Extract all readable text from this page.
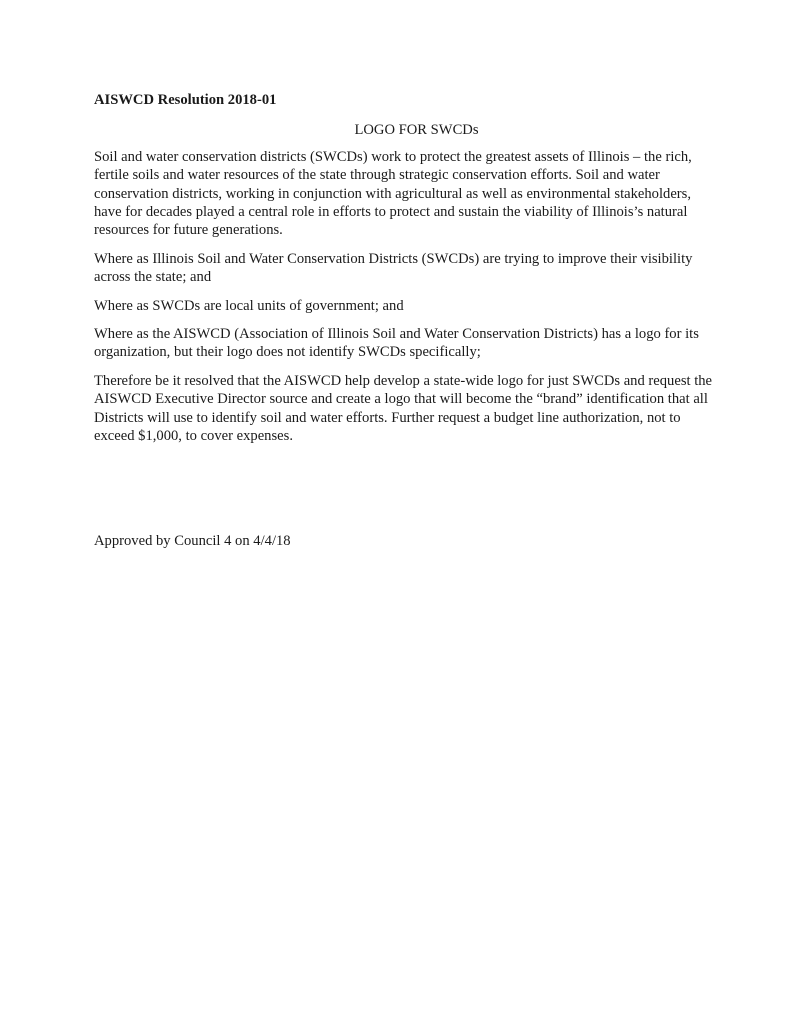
AISWCD Resolution 2018-01

LOGO FOR SWCDs

Soil and water conservation districts (SWCDs) work to protect the greatest assets of Illinois – the rich, fertile soils and water resources of the state through strategic conservation efforts. Soil and water conservation districts, working in conjunction with agricultural as well as environmental stakeholders, have for decades played a central role in efforts to protect and sustain the viability of Illinois’s natural resources for future generations.

Where as Illinois Soil and Water Conservation Districts (SWCDs) are trying to improve their visibility across the state; and

Where as SWCDs are local units of government; and

Where as the AISWCD (Association of Illinois Soil and Water Conservation Districts) has a logo for its organization, but their logo does not identify SWCDs specifically;

Therefore be it resolved that the AISWCD help develop a state-wide logo for just SWCDs and request the AISWCD Executive Director source and create a logo that will become the “brand” identification that all Districts will use to identify soil and water efforts. Further request a budget line authorization, not to exceed $1,000, to cover expenses.

Approved by Council 4 on 4/4/18
